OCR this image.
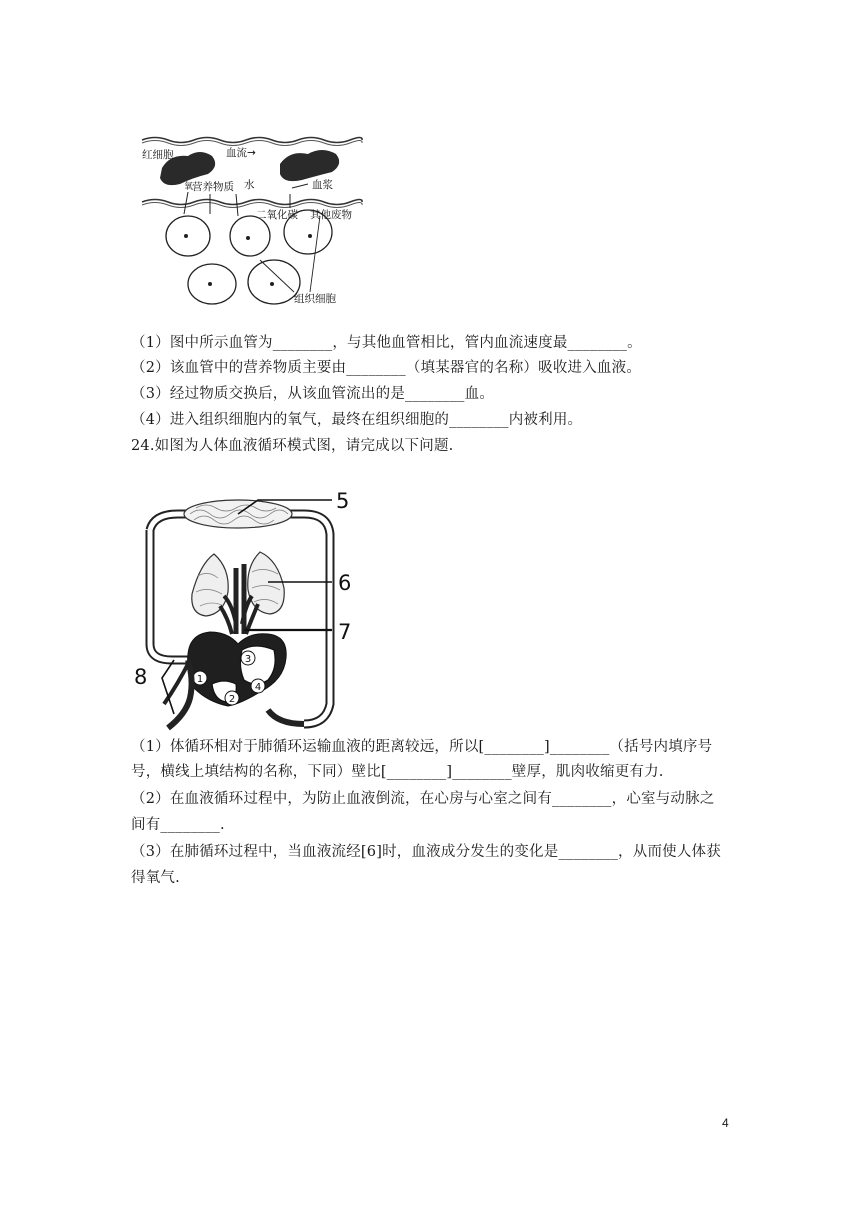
红细胞	血流→
氧
营养物质 水	血浆
二氧化碳 其他废物
组织细胞
（1）图中所示血管为________，与其他血管相比，管内血流速度最________。
（2）该血管中的营养物质主要由________（填某器官的名称）吸收进入血液。
（3）经过物质交换后，从该血管流出的是________血。
（4）进入组织细胞内的氧气，最终在组织细胞的________内被利用。
24.如图为人体血液循环模式图，请完成以下问题.
1
2
3
4
5
6
7
8
（1）体循环相对于肺循环运输血液的距离较远，所以[________]________（括号内填序号
号，横线上填结构的名称，下同）壁比[________]________壁厚，肌肉收缩更有力.
（2）在血液循环过程中，为防止血液倒流，在心房与心室之间有________，心室与动脉之
间有________.
（3）在肺循环过程中，当血液流经[6]时，血液成分发生的变化是________，从而使人体获
得氧气.
4
